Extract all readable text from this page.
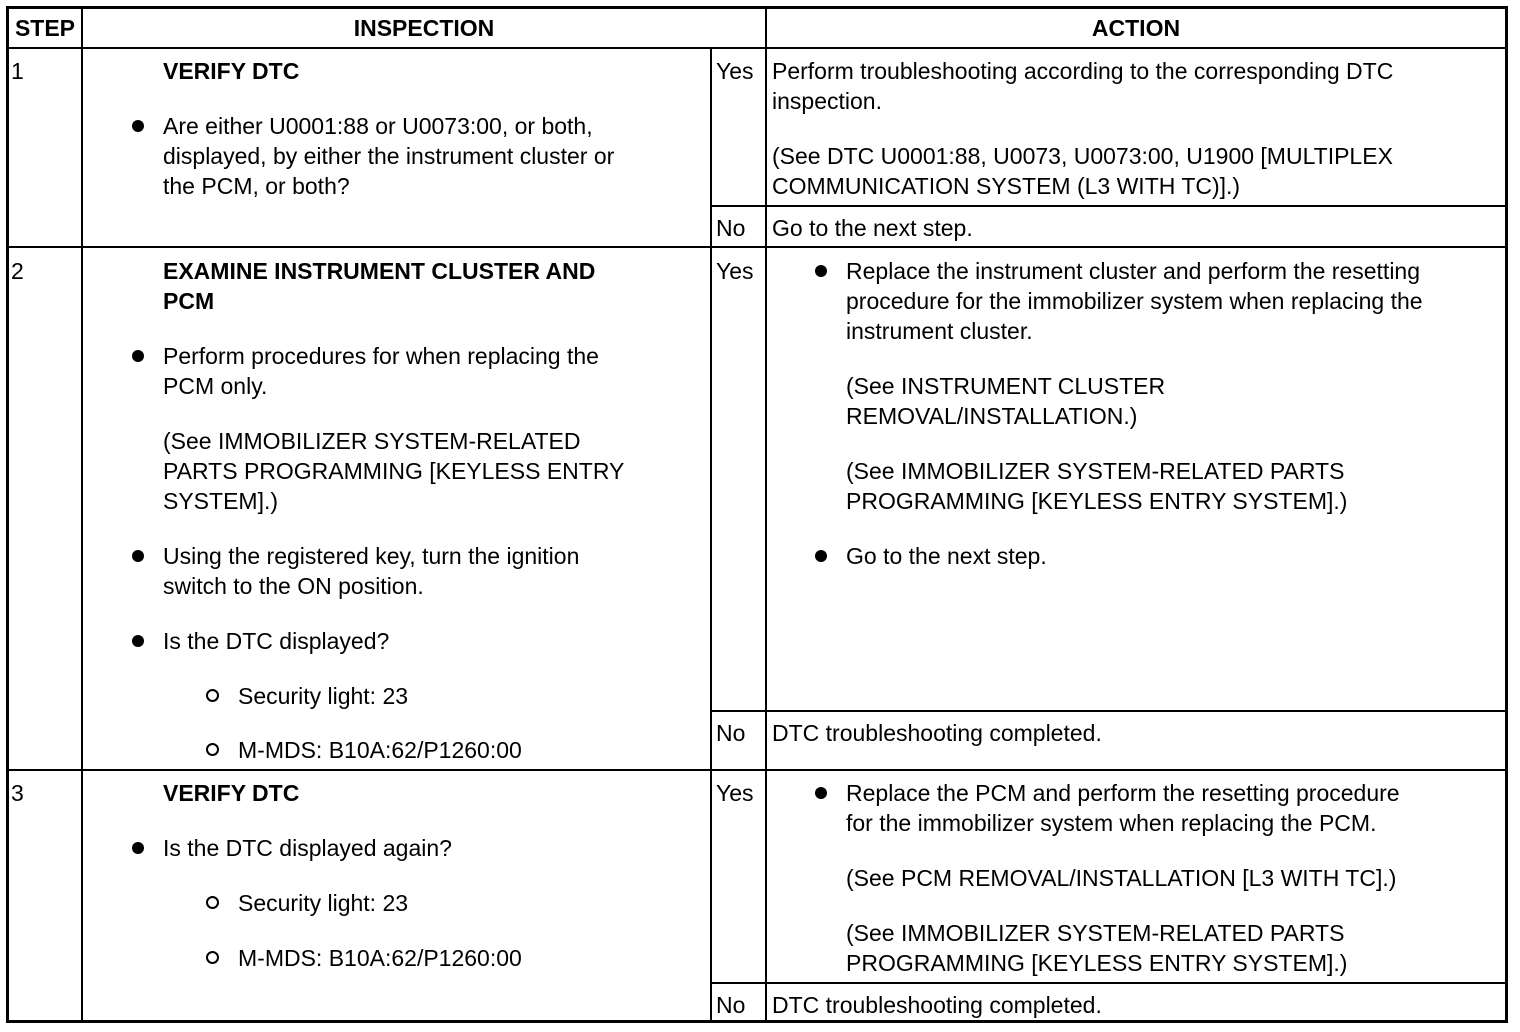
STEP	INSPECTION	ACTION
1	VERIFY DTC
Are either U0001:88 or U0073:00, or both,
displayed, by either the instrument cluster or
the PCM, or both?
Yes Perform troubleshooting according to the corresponding DTC
inspection.
(See DTC U0001:88, U0073, U0073:00, U1900 [MULTIPLEX
COMMUNICATION SYSTEM (L3 WITH TC)].)
No Go to the next step.
2	EXAMINE INSTRUMENT CLUSTER AND
PCM
Perform procedures for when replacing the
PCM only.
(See IMMOBILIZER SYSTEM-RELATED
PARTS PROGRAMMING [KEYLESS ENTRY
SYSTEM].)
Using the registered key, turn the ignition
switch to the ON position.
Is the DTC displayed?
Security light: 23
M-MDS: B10A:62/P1260:00
Yes	Replace the instrument cluster and perform the resetting
procedure for the immobilizer system when replacing the
instrument cluster.
(See INSTRUMENT CLUSTER
REMOVAL/INSTALLATION.)
(See IMMOBILIZER SYSTEM-RELATED PARTS
PROGRAMMING [KEYLESS ENTRY SYSTEM].)
Go to the next step.
No DTC troubleshooting completed.
3	VERIFY DTC
Is the DTC displayed again?
Security light: 23
M-MDS: B10A:62/P1260:00
Yes	Replace the PCM and perform the resetting procedure
for the immobilizer system when replacing the PCM.
(See PCM REMOVAL/INSTALLATION [L3 WITH TC].)
(See IMMOBILIZER SYSTEM-RELATED PARTS
PROGRAMMING [KEYLESS ENTRY SYSTEM].)
No DTC troubleshooting completed.
